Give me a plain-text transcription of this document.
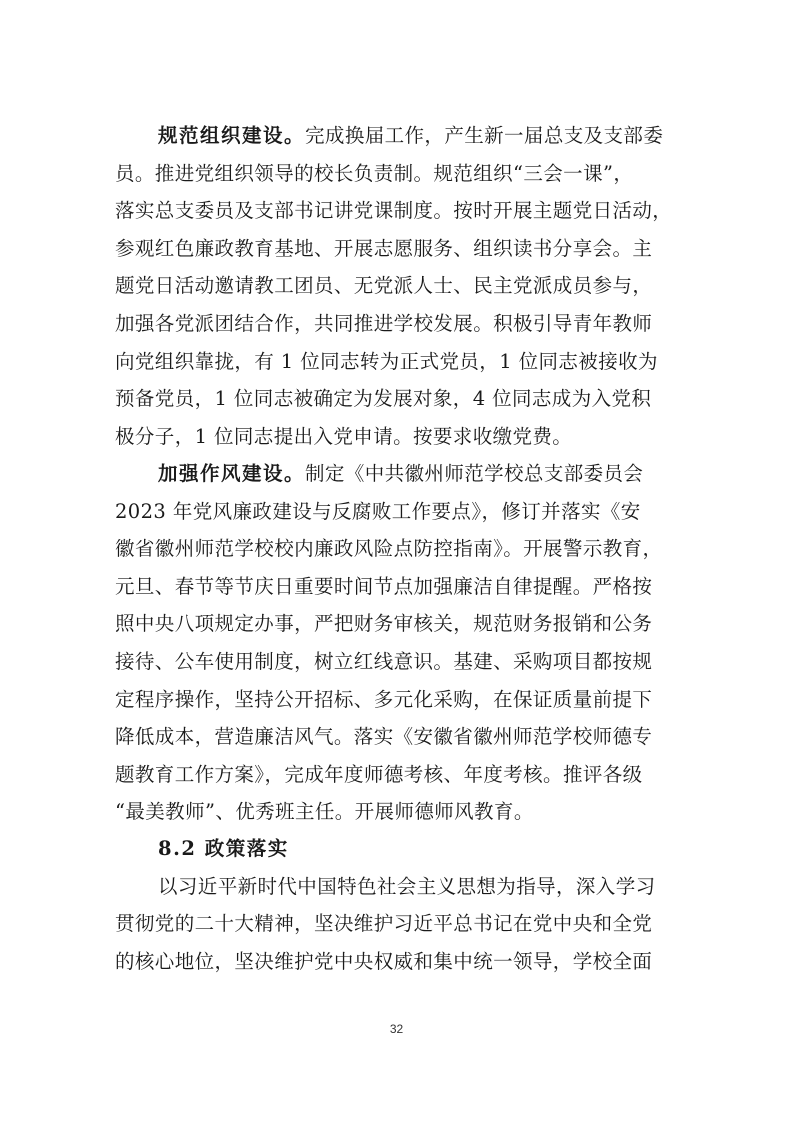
规范组织建设。完成换届工作，产生新一届总支及支部委
员。推进党组织领导的校长负责制。规范组织“三会一课”，
落实总支委员及支部书记讲党课制度。按时开展主题党日活动，
参观红色廉政教育基地、开展志愿服务、组织读书分享会。主
题党日活动邀请教工团员、无党派人士、民主党派成员参与，
加强各党派团结合作，共同推进学校发展。积极引导青年教师
向党组织靠拢，有 1 位同志转为正式党员，1 位同志被接收为
预备党员，1 位同志被确定为发展对象，4 位同志成为入党积
极分子，1 位同志提出入党申请。按要求收缴党费。
加强作风建设。制定《中共徽州师范学校总支部委员会
2023 年党风廉政建设与反腐败工作要点》，修订并落实《安
徽省徽州师范学校校内廉政风险点防控指南》。开展警示教育，
元旦、春节等节庆日重要时间节点加强廉洁自律提醒。严格按
照中央八项规定办事，严把财务审核关，规范财务报销和公务
接待、公车使用制度，树立红线意识。基建、采购项目都按规
定程序操作，坚持公开招标、多元化采购，在保证质量前提下
降低成本，营造廉洁风气。落实《安徽省徽州师范学校师德专
题教育工作方案》，完成年度师德考核、年度考核。推评各级
“最美教师”、优秀班主任。开展师德师风教育。
8.2 政策落实
以习近平新时代中国特色社会主义思想为指导，深入学习
贯彻党的二十大精神，坚决维护习近平总书记在党中央和全党
的核心地位，坚决维护党中央权威和集中统一领导，学校全面
32
